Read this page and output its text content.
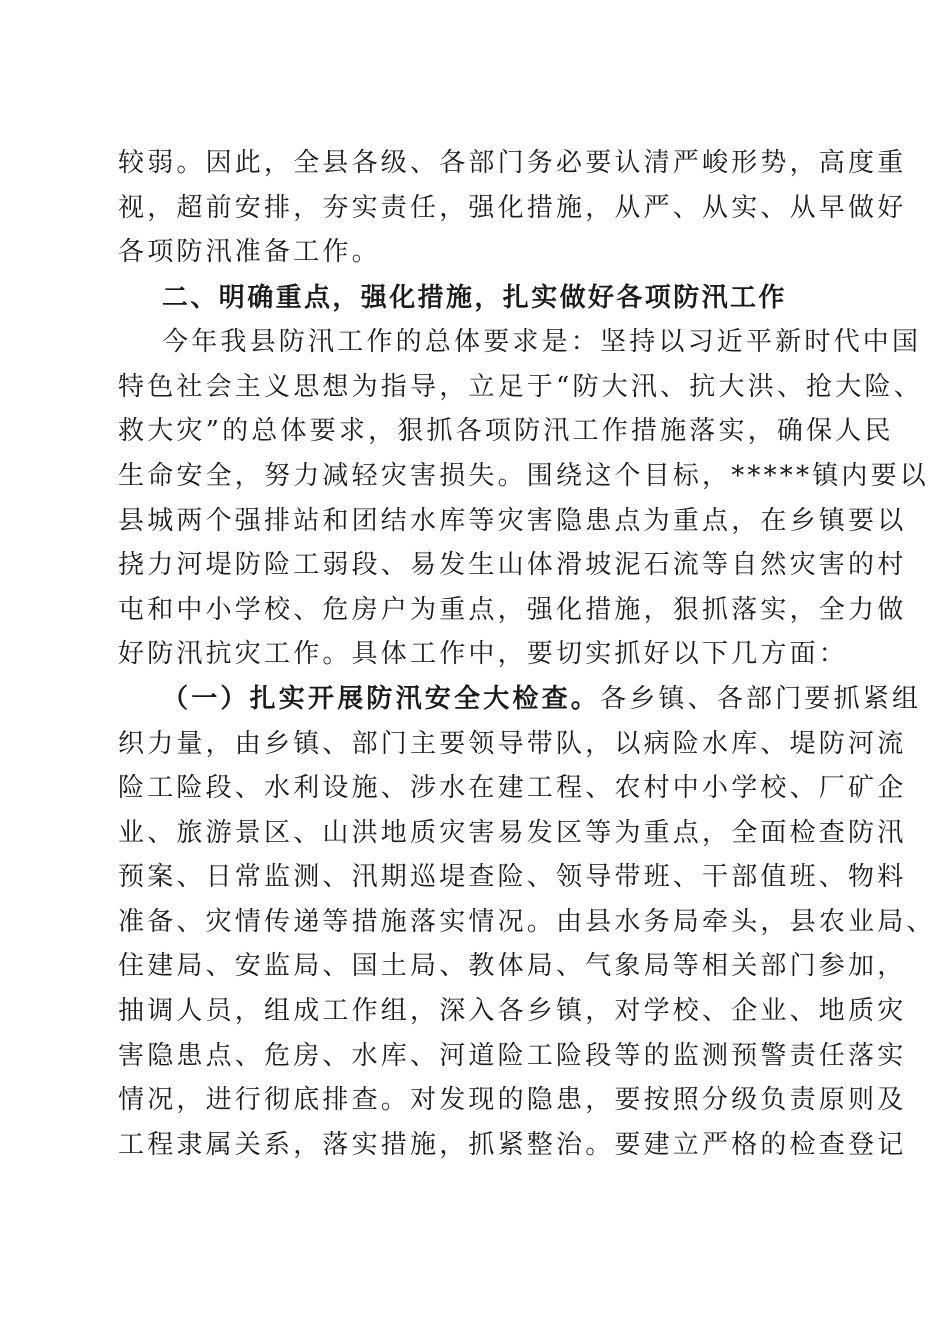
较弱。因此，全县各级、各部门务必要认清严峻形势，高度重
视，超前安排，夯实责任，强化措施，从严、从实、从早做好
各项防汛准备工作。
二、明确重点，强化措施，扎实做好各项防汛工作
今年我县防汛工作的总体要求是：坚持以习近平新时代中国
特色社会主义思想为指导，立足于“防大汛、抗大洪、抢大险、
救大灾”的总体要求，狠抓各项防汛工作措施落实，确保人民
生命安全，努力减轻灾害损失。围绕这个目标，*****镇内要以
县城两个强排站和团结水库等灾害隐患点为重点，在乡镇要以
挠力河堤防险工弱段、易发生山体滑坡泥石流等自然灾害的村
屯和中小学校、危房户为重点，强化措施，狠抓落实，全力做
好防汛抗灾工作。具体工作中，要切实抓好以下几方面：
（一）扎实开展防汛安全大检查。各乡镇、各部门要抓紧组
织力量，由乡镇、部门主要领导带队，以病险水库、堤防河流
险工险段、水利设施、涉水在建工程、农村中小学校、厂矿企
业、旅游景区、山洪地质灾害易发区等为重点，全面检查防汛
预案、日常监测、汛期巡堤查险、领导带班、干部值班、物料
准备、灾情传递等措施落实情况。由县水务局牵头，县农业局、
住建局、安监局、国土局、教体局、气象局等相关部门参加，
抽调人员，组成工作组，深入各乡镇，对学校、企业、地质灾
害隐患点、危房、水库、河道险工险段等的监测预警责任落实
情况，进行彻底排查。对发现的隐患，要按照分级负责原则及
工程隶属关系，落实措施，抓紧整治。要建立严格的检查登记
